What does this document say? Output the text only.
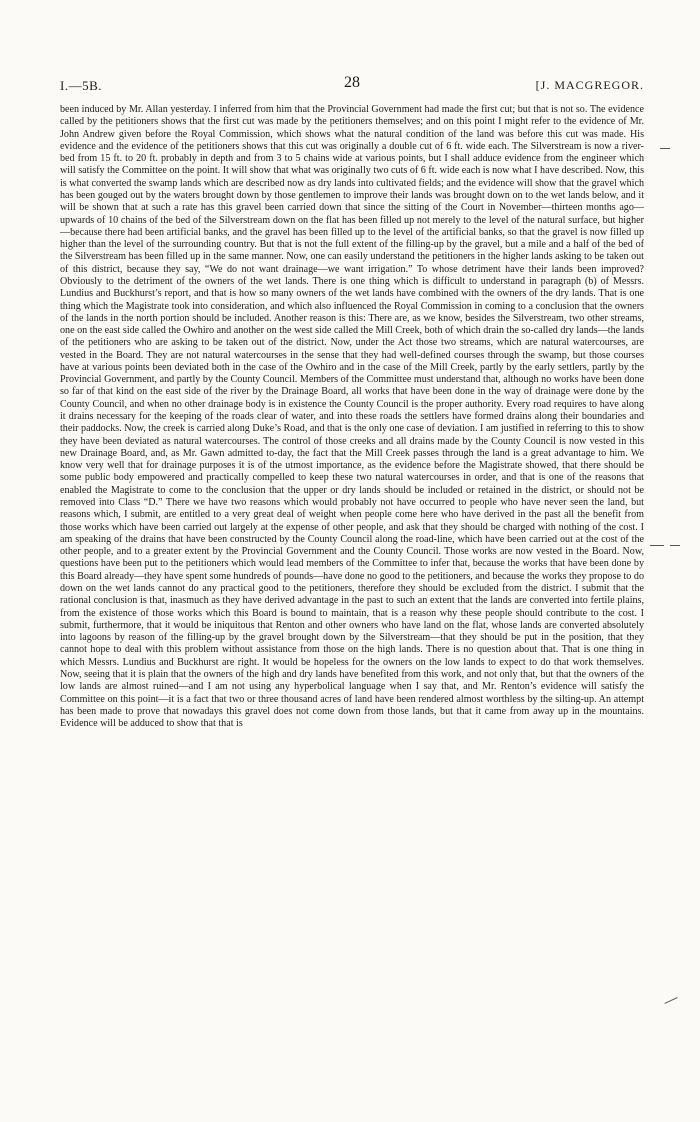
I.—5B.	28	[J. MACGREGOR.

been induced by Mr. Allan yesterday. I inferred from him that the Provincial Government had made the first cut; but that is not so. The evidence called by the petitioners shows that the first cut was made by the petitioners themselves; and on this point I might refer to the evidence of Mr. John Andrew given before the Royal Commission, which shows what the natural condition of the land was before this cut was made. His evidence and the evidence of the petitioners shows that this cut was originally a double cut of 6 ft. wide each. The Silverstream is now a river-bed from 15 ft. to 20 ft. probably in depth and from 3 to 5 chains wide at various points, but I shall adduce evidence from the engineer which will satisfy the Committee on the point. It will show that what was originally two cuts of 6 ft. wide each is now what I have described. Now, this is what converted the swamp lands which are described now as dry lands into cultivated fields; and the evidence will show that the gravel which has been gouged out by the waters brought down by those gentlemen to improve their lands was brought down on to the wet lands below, and it will be shown that at such a rate has this gravel been carried down that since the sitting of the Court in November—thirteen months ago—upwards of 10 chains of the bed of the Silverstream down on the flat has been filled up not merely to the level of the natural surface, but higher—because there had been artificial banks, and the gravel has been filled up to the level of the artificial banks, so that the gravel is now filled up higher than the level of the surrounding country. But that is not the full extent of the filling-up by the gravel, but a mile and a half of the bed of the Silverstream has been filled up in the same manner. Now, one can easily understand the petitioners in the higher lands asking to be taken out of this district, because they say, “We do not want drainage—we want irrigation.” To whose detriment have their lands been improved? Obviously to the detriment of the owners of the wet lands. There is one thing which is difficult to understand in paragraph (b) of Messrs. Lundius and Buckhurst’s report, and that is how so many owners of the wet lands have combined with the owners of the dry lands. That is one thing which the Magistrate took into consideration, and which also influenced the Royal Commission in coming to a conclusion that the owners of the lands in the north portion should be included. Another reason is this: There are, as we know, besides the Silverstream, two other streams, one on the east side called the Owhiro and another on the west side called the Mill Creek, both of which drain the so-called dry lands—the lands of the petitioners who are asking to be taken out of the district. Now, under the Act those two streams, which are natural watercourses, are vested in the Board. They are not natural watercourses in the sense that they had well-defined courses through the swamp, but those courses have at various points been deviated both in the case of the Owhiro and in the case of the Mill Creek, partly by the early settlers, partly by the Provincial Government, and partly by the County Council. Members of the Committee must understand that, although no works have been done so far of that kind on the east side of the river by the Drainage Board, all works that have been done in the way of drainage were done by the County Council, and when no other drainage body is in existence the County Council is the proper authority. Every road requires to have along it drains necessary for the keeping of the roads clear of water, and into these roads the settlers have formed drains along their boundaries and their paddocks. Now, the creek is carried along Duke’s Road, and that is the only one case of deviation. I am justified in referring to this to show they have been deviated as natural watercourses. The control of those creeks and all drains made by the County Council is now vested in this new Drainage Board, and, as Mr. Gawn admitted to-day, the fact that the Mill Creek passes through the land is a great advantage to him. We know very well that for drainage purposes it is of the utmost importance, as the evidence before the Magistrate showed, that there should be some public body empowered and practically compelled to keep these two natural watercourses in order, and that is one of the reasons that enabled the Magistrate to come to the conclusion that the upper or dry lands should be included or retained in the district, or should not be removed into Class “D.” There we have two reasons which would probably not have occurred to people who have never seen the land, but reasons which, I submit, are entitled to a very great deal of weight when people come here who have derived in the past all the benefit from those works which have been carried out largely at the expense of other people, and ask that they should be charged with nothing of the cost. I am speaking of the drains that have been constructed by the County Council along the road-line, which have been carried out at the cost of the other people, and to a greater extent by the Provincial Government and the County Council. Those works are now vested in the Board. Now, questions have been put to the petitioners which would lead members of the Committee to infer that, because the works that have been done by this Board already—they have spent some hundreds of pounds—have done no good to the petitioners, and because the works they propose to do down on the wet lands cannot do any practical good to the petitioners, therefore they should be excluded from the district. I submit that the rational conclusion is that, inasmuch as they have derived advantage in the past to such an extent that the lands are converted into fertile plains, from the existence of those works which this Board is bound to maintain, that is a reason why these people should contribute to the cost. I submit, furthermore, that it would be iniquitous that Renton and other owners who have land on the flat, whose lands are converted absolutely into lagoons by reason of the filling-up by the gravel brought down by the Silverstream—that they should be put in the position, that they cannot hope to deal with this problem without assistance from those on the high lands. There is no question about that. That is one thing in which Messrs. Lundius and Buckhurst are right. It would be hopeless for the owners on the low lands to expect to do that work themselves. Now, seeing that it is plain that the owners of the high and dry lands have benefited from this work, and not only that, but that the owners of the low lands are almost ruined—and I am not using any hyperbolical language when I say that, and Mr. Renton’s evidence will satisfy the Committee on this point—it is a fact that two or three thousand acres of land have been rendered almost worthless by the silting-up. An attempt has been made to prove that nowadays this gravel does not come down from those lands, but that it came from away up in the mountains. Evidence will be adduced to show that that is
